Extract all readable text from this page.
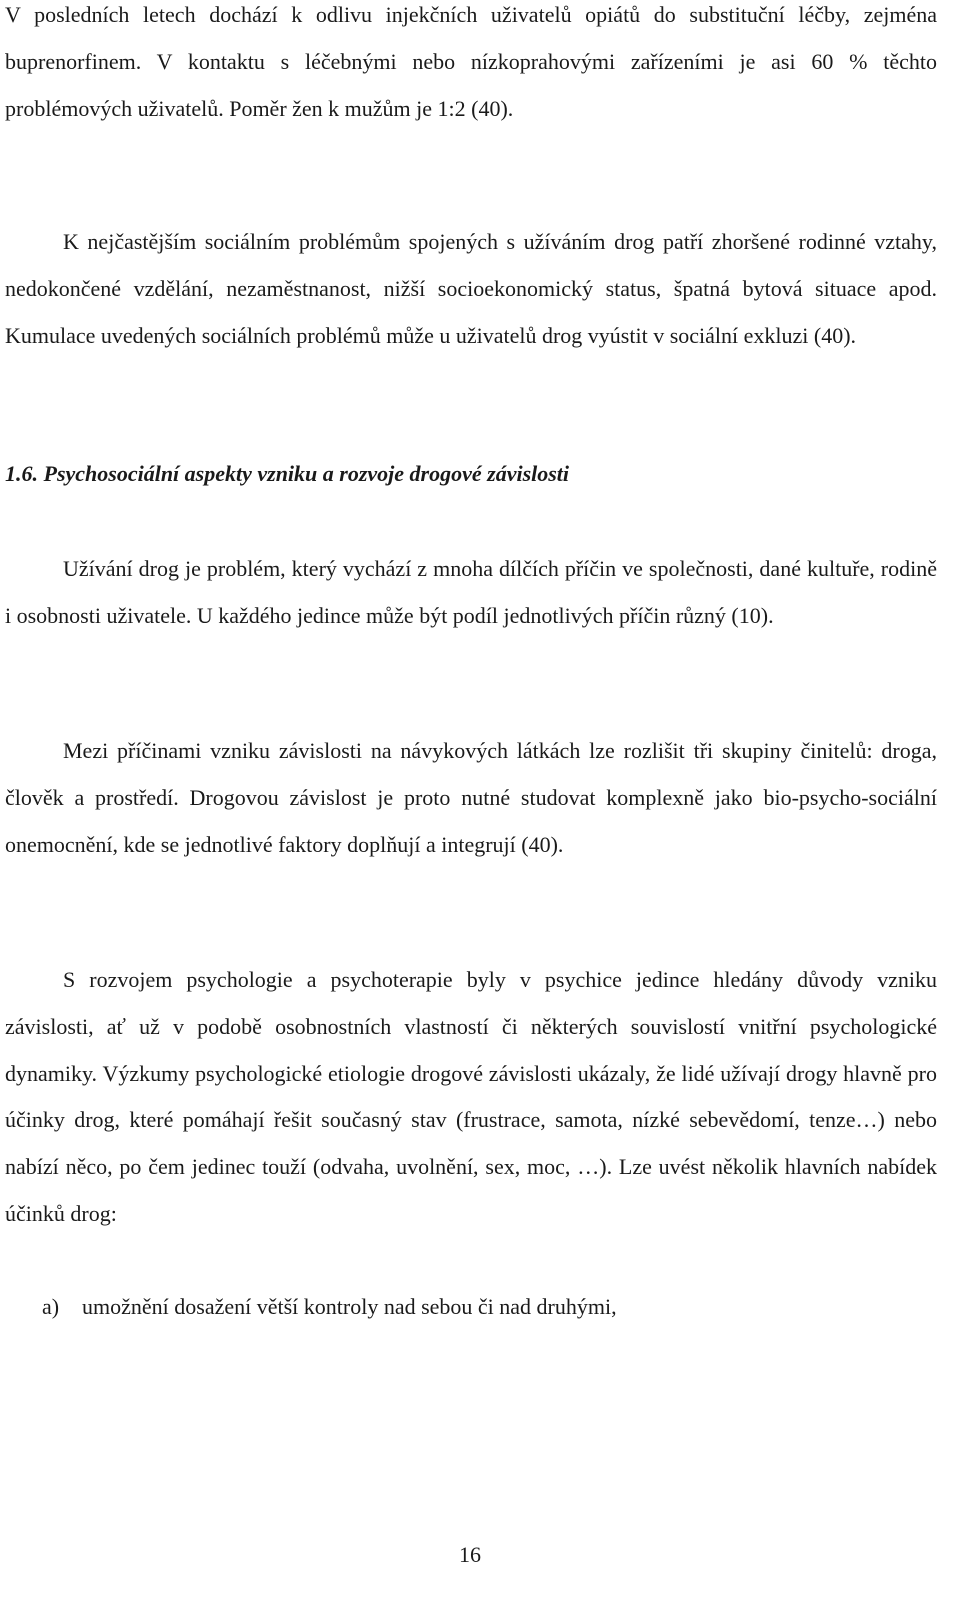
V posledních letech dochází k odlivu injekčních uživatelů opiátů do substituční léčby, zejména buprenorfinem. V kontaktu s léčebnými nebo nízkoprahovými zařízeními je asi 60 % těchto problémových uživatelů. Poměr žen k mužům je 1:2 (40).

K nejčastějším sociálním problémům spojených s užíváním drog patří zhoršené rodinné vztahy, nedokončené vzdělání, nezaměstnanost, nižší socioekonomický status, špatná bytová situace apod. Kumulace uvedených sociálních problémů může u uživatelů drog vyústit v sociální exkluzi (40).

1.6. Psychosociální aspekty vzniku a rozvoje drogové závislosti

Užívání drog je problém, který vychází z mnoha dílčích příčin ve společnosti, dané kultuře, rodině i osobnosti uživatele. U každého jedince může být podíl jednotlivých příčin různý (10).

Mezi příčinami vzniku závislosti na návykových látkách lze rozlišit tři skupiny činitelů: droga, člověk a prostředí. Drogovou závislost je proto nutné studovat komplexně jako bio-psycho-sociální onemocnění, kde se jednotlivé faktory doplňují a integrují (40).

S rozvojem psychologie a psychoterapie byly v psychice jedince hledány důvody vzniku závislosti, ať už v podobě osobnostních vlastností či některých souvislostí vnitřní psychologické dynamiky. Výzkumy psychologické etiologie drogové závislosti ukázaly, že lidé užívají drogy hlavně pro účinky drog, které pomáhají řešit současný stav (frustrace, samota, nízké sebevědomí, tenze…) nebo nabízí něco, po čem jedinec touží (odvaha, uvolnění, sex, moc, …). Lze uvést několik hlavních nabídek účinků drog:

a) umožnění dosažení větší kontroly nad sebou či nad druhými,

16
